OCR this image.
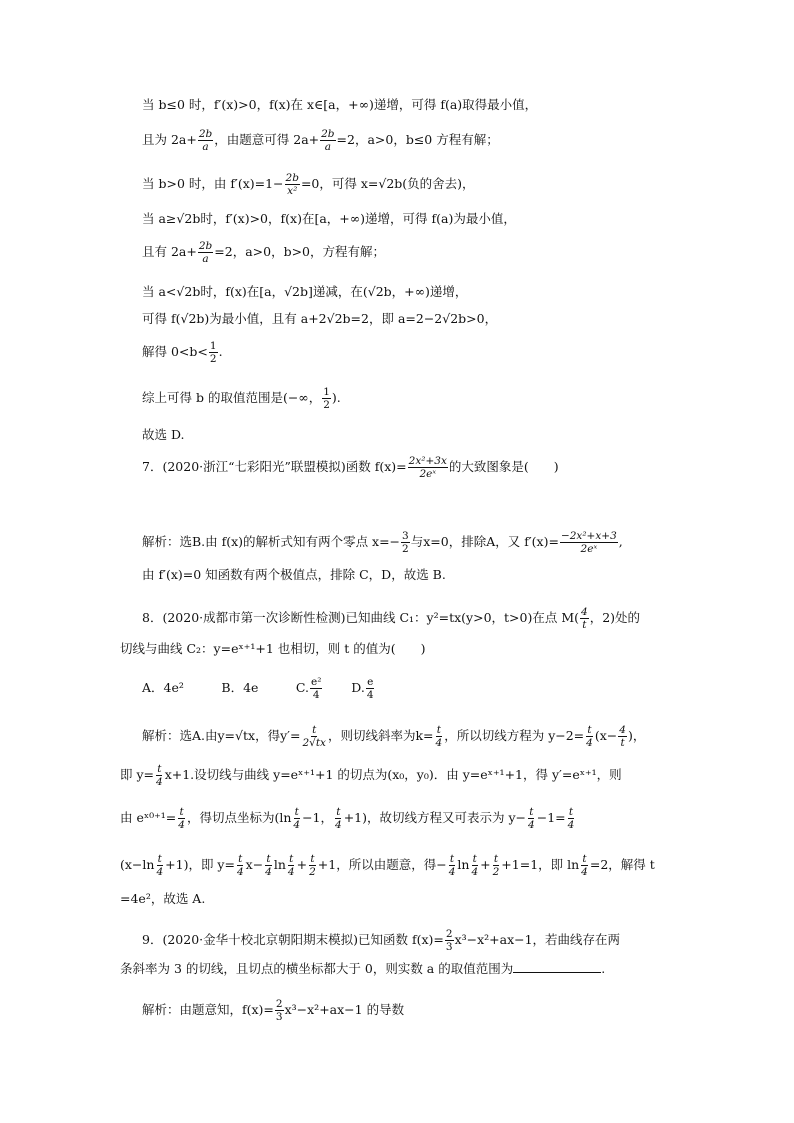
当 b≤0 时，f′(x)>0，f(x)在 x∈[a，+∞)递增，可得 f(a)取得最小值，
且为 $2a+ \frac{2b}{a}$ ，由题意可得 $2a+ \frac{2b}{a} =2$，a>0，b≤0 方程有解；
当 b>0 时，由 $f'(x)=1- \frac{2b}{\text{x²}} =0$，可得 x=√2b(负的舍去)，
当 a≥√2b时，f′(x)>0，f(x)在[a，+∞)递增，可得 f(a)为最小值，
且有 $2a+ \frac{2b}{a} =2$，a>0，b>0，方程有解；
当 a<√2b时，f(x)在[a，√2b]递减，在(√2b，+∞)递增，
可得 f(√2b)为最小值，且有 a+2√2b=2，即 a=2−2√2b>0，
解得 $0<b< \frac{1}{2}$ .
综上可得 b 的取值范围是(−∞， $\frac{1}{2}$ ).
故选 D.
7．(2020·浙江“七彩阳光”联盟模拟)函数 $f(x)= \frac{\text{2x²+3x}}{\text{2eˣ}}$ 的大致图象是(　　)
解析：选B.由 f(x)的解析式知有两个零点 $x=- \frac{3}{2}$ 与x=0，排除A，又 $f'(x)= \frac{\text{−2x²+x+3}}{\text{2eˣ}}$ ,
由 f′(x)=0 知函数有两个极值点，排除 C，D，故选 B.
8．(2020·成都市第一次诊断性检测)已知曲线 C₁：y²=tx(y>0，t>0)在点 $M( \frac{4}{t}$ ，2)处的
切线与曲线 C₂：y=eˣ⁺¹+1 也相切，则 t 的值为(　　)
A．4e²　　　B．4e　　　C. $\frac{\text{e²}}{4} D$. $\frac{e}{4}$
解析：选A.由y=√tx，得$y'= \frac{t}{2√tx}$ ，则切线斜率为$k= \frac{t}{4}$ ，所以切线方程为 $y-2= \frac{t}{4} (x- \frac{4}{t}$ )，
即 $y= \frac{t}{4} x+1$.设切线与曲线 y=eˣ⁺¹+1 的切点为(x₀，y₀)．由 y=eˣ⁺¹+1，得 y′=eˣ⁺¹，则
由 eˣ⁰⁺¹= $\frac{t}{4}$ ，得切点坐标为($\ln \frac{t}{4} -1$， $\frac{t}{4} +1$)，故切线方程又可表示为 $y- \frac{t}{4} -1= \frac{t}{4}$
$(x-\ln \frac{t}{4} +1)$，即 $y= \frac{t}{4} x- \frac{t}{4}$ $\ln \frac{t}{4} + \frac{t}{2} +1$，所以由题意，得− $\frac{t}{4}$ $\ln \frac{t}{4} + \frac{t}{2} +1=1$，即 $\ln \frac{t}{4} =2$，解得 t
=4e²，故选 A.
9．(2020·金华十校北京朝阳期末模拟)已知函数 $f(x)= \frac{2}{3} x^3-x^2+ax-1$，若曲线存在两
条斜率为 3 的切线，且切点的横坐标都大于 0，则实数 a 的取值范围为	.
解析：由题意知，$f(x)= \frac{2}{3} x^3-x^2+ax-1$ 的导数
